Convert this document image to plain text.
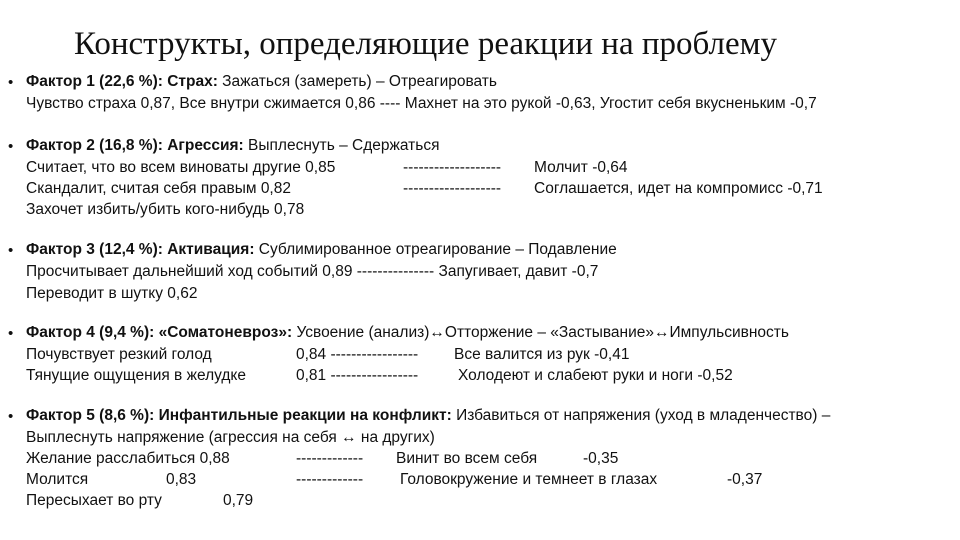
Конструкты, определяющие реакции на проблему
• Фактор 1 (22,6 %): Страх: Зажаться (замереть) – Отреагировать
Чувство страха 0,87, Все внутри сжимается 0,86 ---- Махнет на это рукой -0,63, Угостит себя вкусненьким -0,7
• Фактор 2 (16,8 %): Агрессия: Выплеснуть – Сдержаться
Считает, что во всем виноваты другие 0,85	------------------- Молчит -0,64
Скандалит, считая себя правым 0,82	------------------- Соглашается, идет на компромисс -0,71
Захочет избить/убить кого-нибудь 0,78
• Фактор 3 (12,4 %): Активация: Сублимированное отреагирование – Подавление
Просчитывает дальнейший ход событий 0,89 --------------- Запугивает, давит -0,7
Переводит в шутку 0,62
• Фактор 4 (9,4 %): «Соматоневроз»: Усвоение (анализ)↔Отторжение – «Застывание»↔Импульсивность
Почувствует резкий голод	0,84 ----------------- Все валится из рук -0,41
Тянущие ощущения в желудке	0,81 -----------------	Холодеют и слабеют руки и ноги -0,52
• Фактор 5 (8,6 %): Инфантильные реакции на конфликт: Избавиться от напряжения (уход в младенчество) –
Выплеснуть напряжение (агрессия на себя ↔ на других)
Желание расслабиться 0,88	------------- Винит во всем себя	-0,35
Молится	0,83	------------- Головокружение и темнеет в глазах	-0,37
Пересыхает во рту	0,79
